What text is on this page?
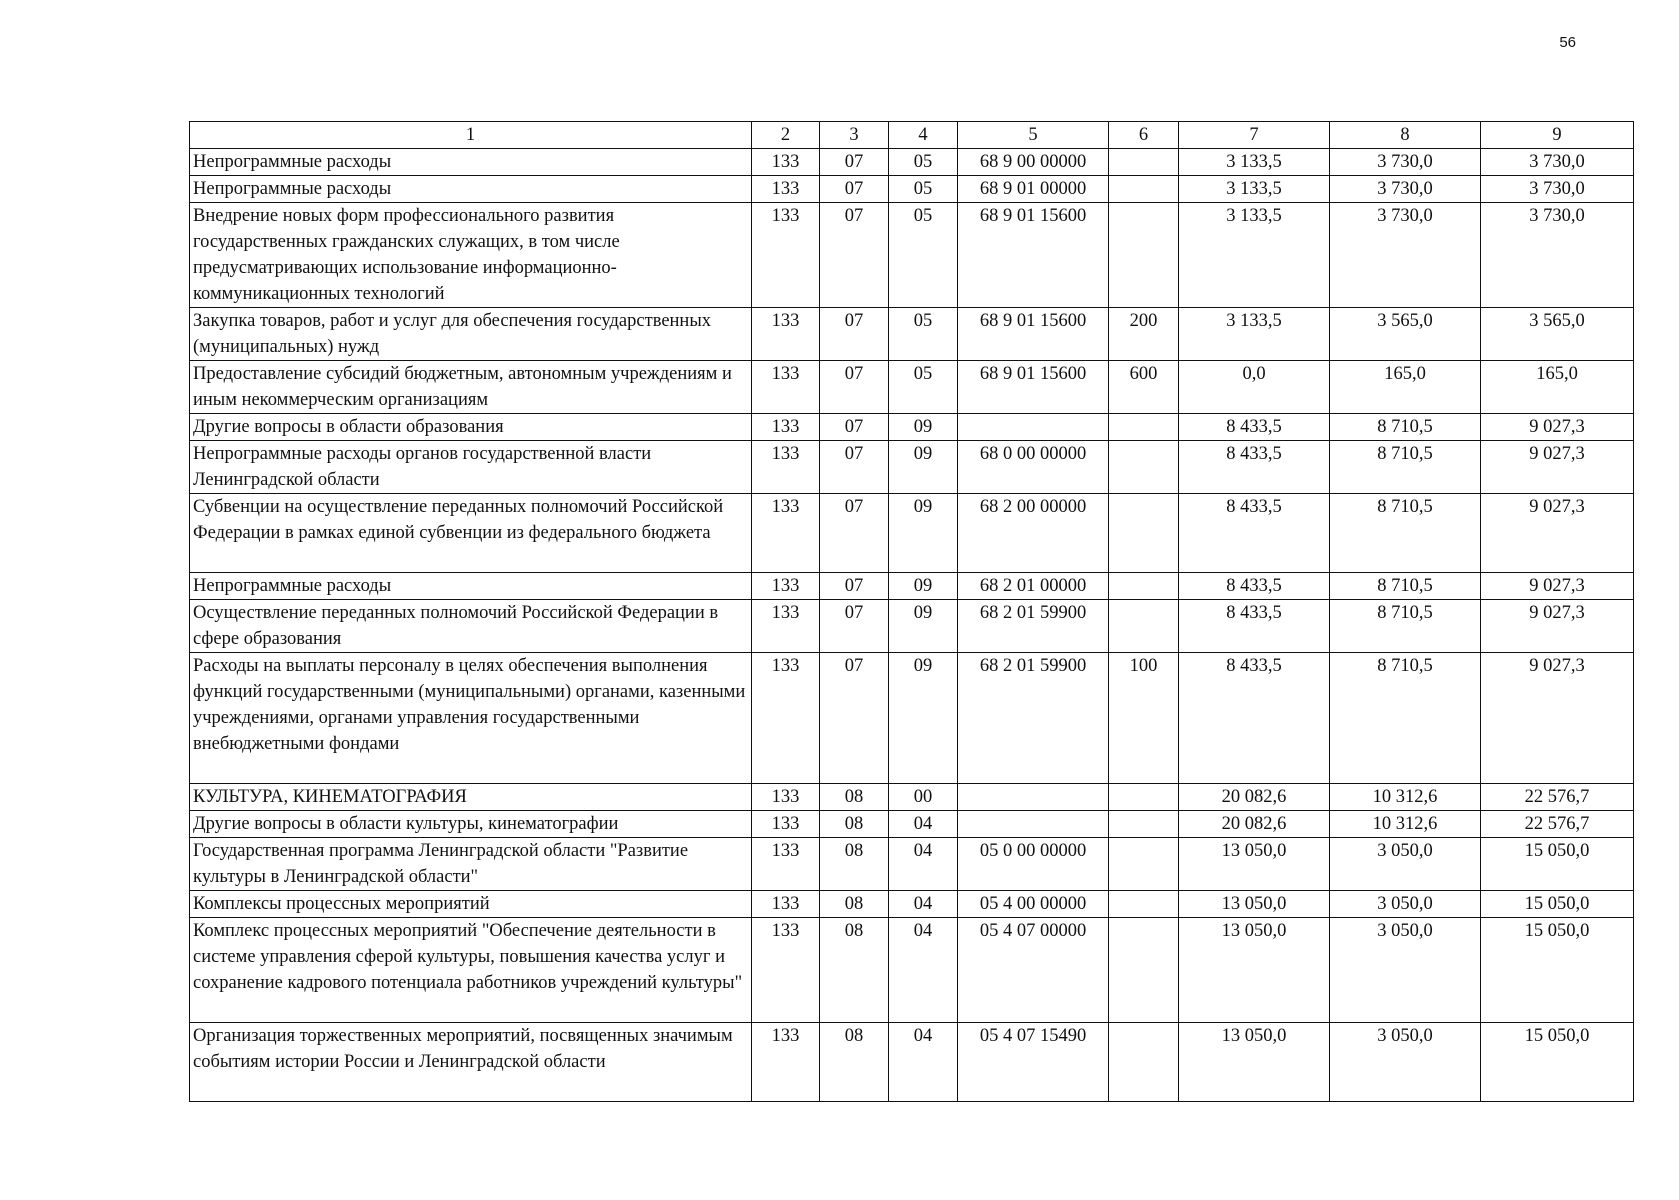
56
1	2	3	4	5	6	7	8	9
Непрограммные расходы	133	07	05	68 9 00 00000		3 133,5	3 730,0	3 730,0
Непрограммные расходы	133	07	05	68 9 01 00000		3 133,5	3 730,0	3 730,0
Внедрение новых форм профессионального развития государственных гражданских служащих, в том числе предусматривающих использование информационно-коммуникационных технологий	133	07	05	68 9 01 15600		3 133,5	3 730,0	3 730,0
Закупка товаров, работ и услуг для обеспечения государственных (муниципальных) нужд	133	07	05	68 9 01 15600	200	3 133,5	3 565,0	3 565,0
Предоставление субсидий бюджетным, автономным учреждениям и иным некоммерческим организациям	133	07	05	68 9 01 15600	600	0,0	165,0	165,0
Другие вопросы в области образования	133	07	09			8 433,5	8 710,5	9 027,3
Непрограммные расходы органов государственной власти Ленинградской области	133	07	09	68 0 00 00000		8 433,5	8 710,5	9 027,3
Субвенции на осуществление переданных полномочий Российской Федерации в рамках единой субвенции из федерального бюджета	133	07	09	68 2 00 00000		8 433,5	8 710,5	9 027,3
Непрограммные расходы	133	07	09	68 2 01 00000		8 433,5	8 710,5	9 027,3
Осуществление переданных полномочий Российской Федерации в сфере образования	133	07	09	68 2 01 59900		8 433,5	8 710,5	9 027,3
Расходы на выплаты персоналу в целях обеспечения выполнения функций государственными (муниципальными) органами, казенными учреждениями, органами управления государственными внебюджетными фондами	133	07	09	68 2 01 59900	100	8 433,5	8 710,5	9 027,3
КУЛЬТУРА, КИНЕМАТОГРАФИЯ	133	08	00			20 082,6	10 312,6	22 576,7
Другие вопросы в области культуры, кинематографии	133	08	04			20 082,6	10 312,6	22 576,7
Государственная программа Ленинградской области "Развитие культуры в Ленинградской области"	133	08	04	05 0 00 00000		13 050,0	3 050,0	15 050,0
Комплексы процессных мероприятий	133	08	04	05 4 00 00000		13 050,0	3 050,0	15 050,0
Комплекс процессных мероприятий "Обеспечение деятельности в системе управления сферой культуры, повышения качества услуг и сохранение кадрового потенциала работников учреждений культуры"	133	08	04	05 4 07 00000		13 050,0	3 050,0	15 050,0
Организация торжественных мероприятий, посвященных значимым событиям истории России и Ленинградской области	133	08	04	05 4 07 15490		13 050,0	3 050,0	15 050,0
